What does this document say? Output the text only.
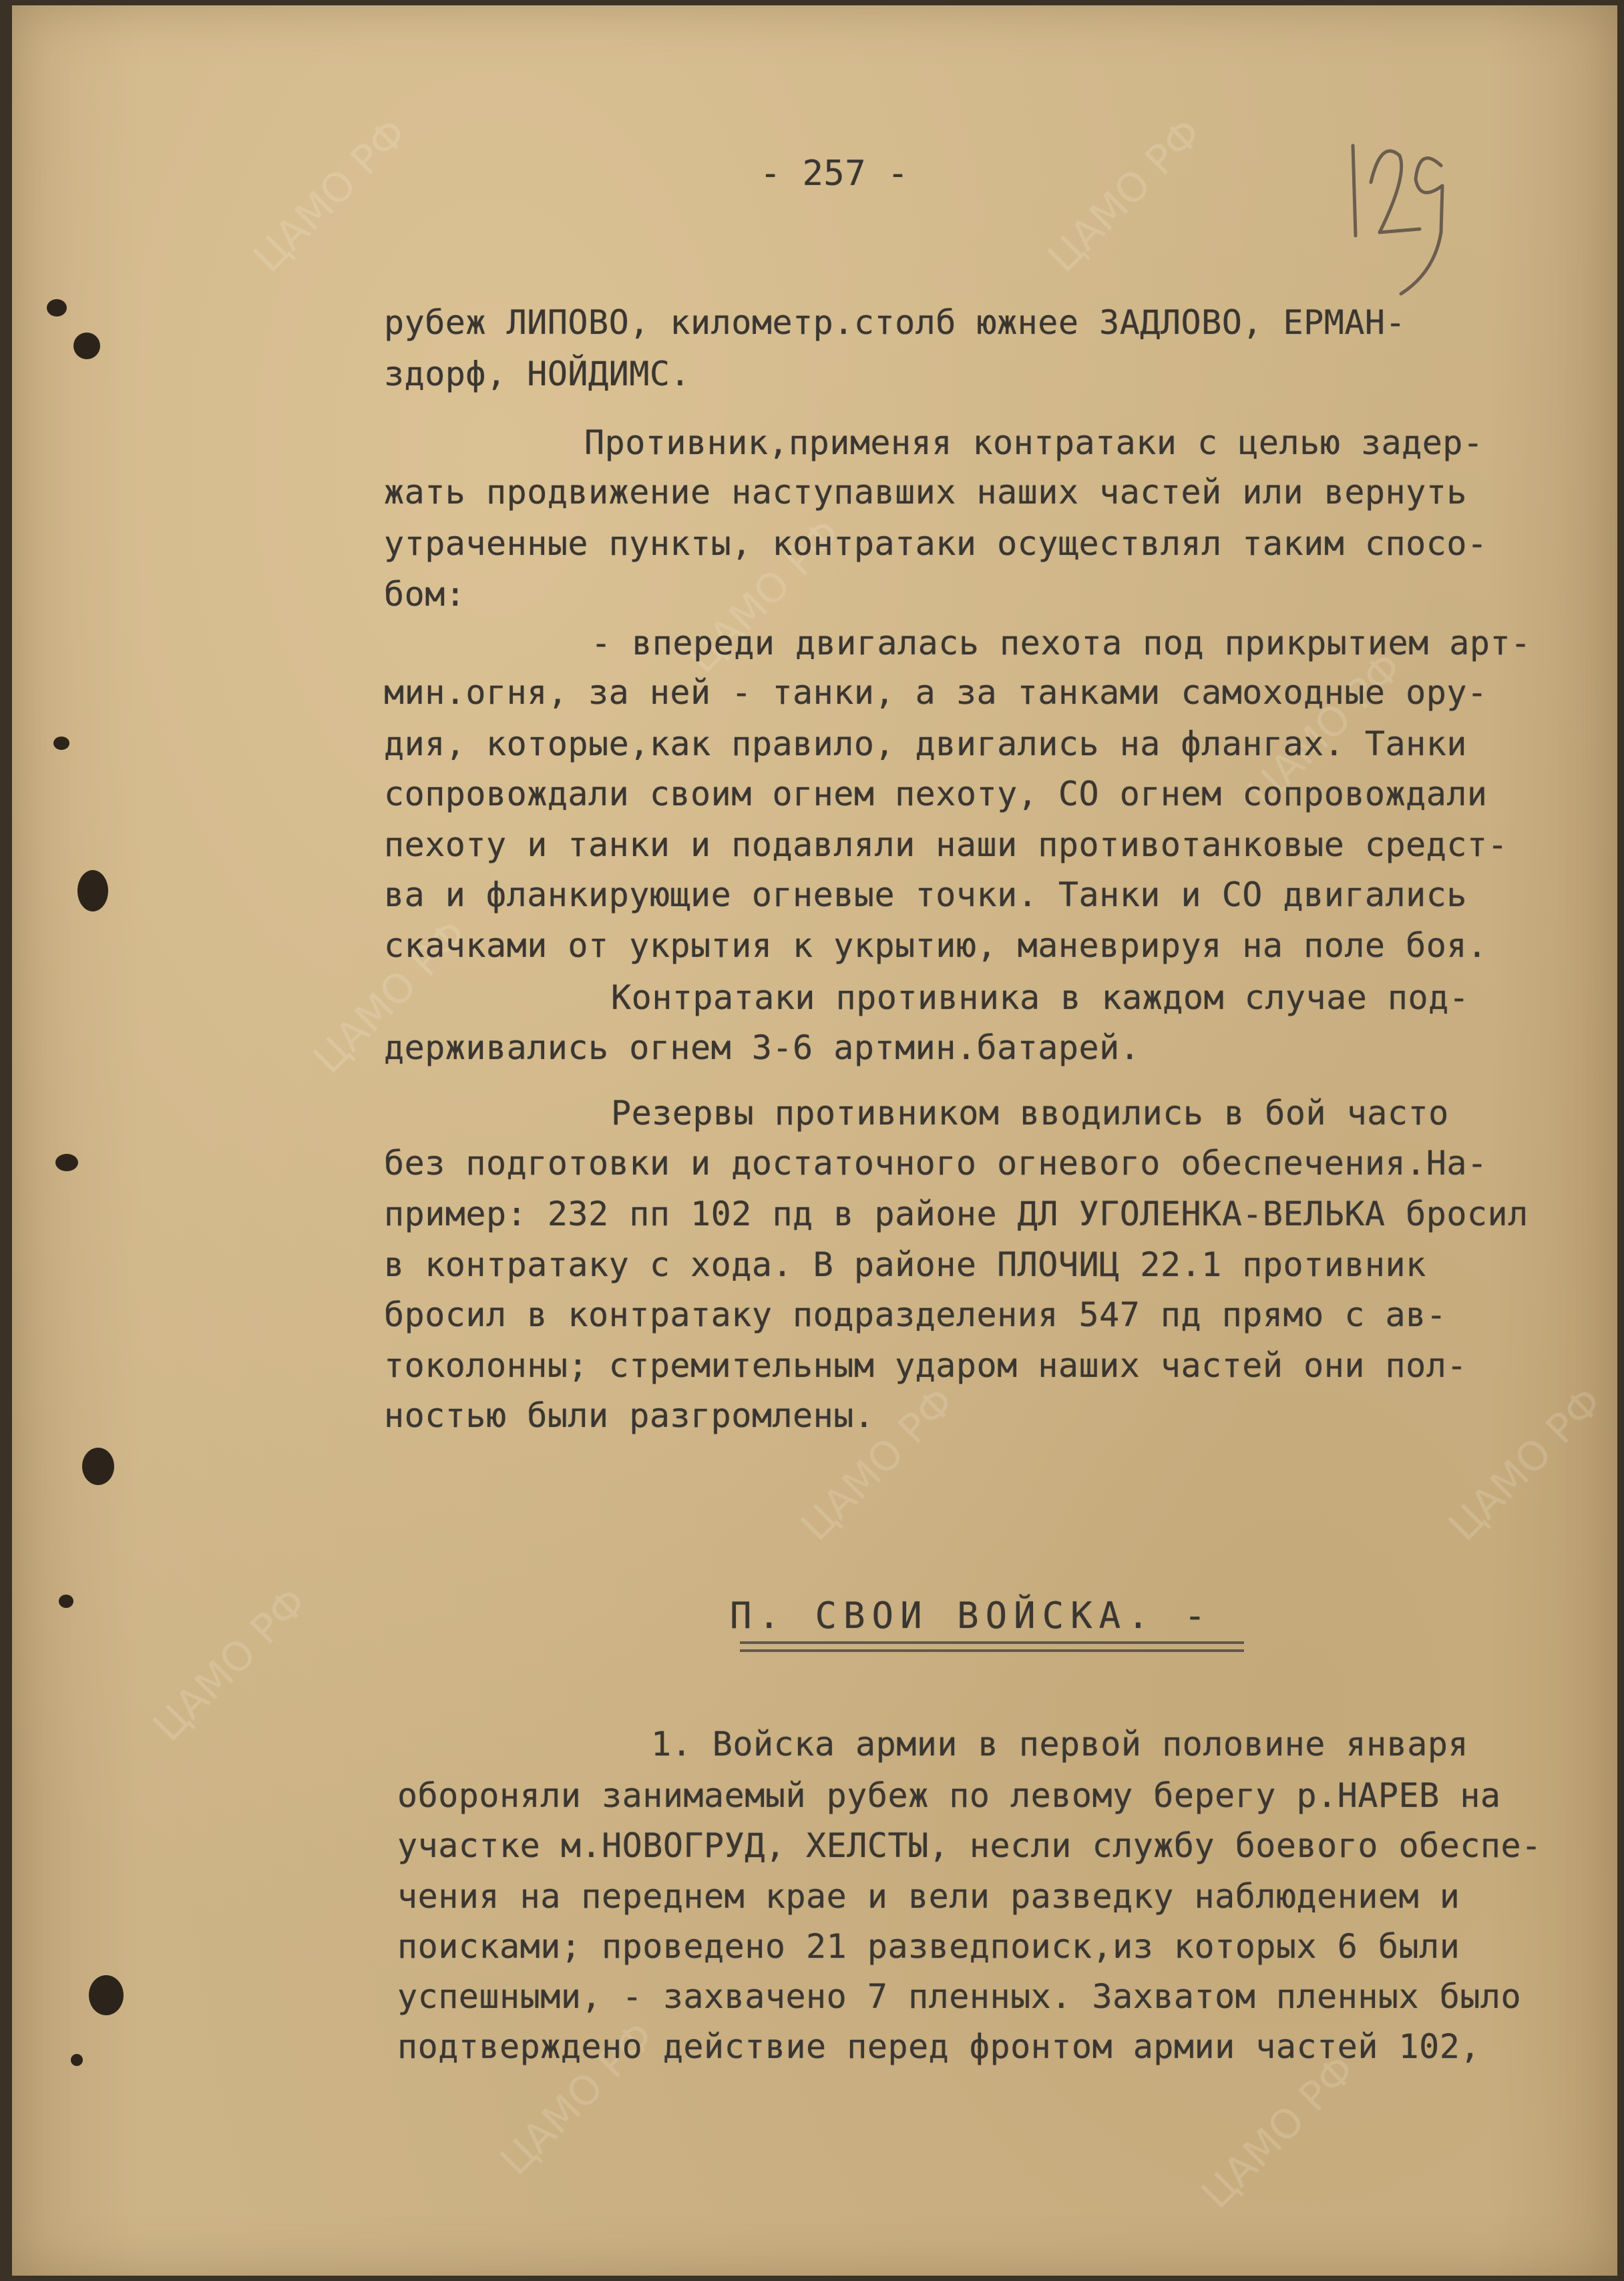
ЦАМО РФ	ЦАМО РФ
ЦАМО РФ
ЦАМО РФ
ЦАМО РФ
ЦАМО РФ	ЦАМО РФ
ЦАМО РФ
ЦАМО РФ	ЦАМО РФ
- 257 -
рубеж ЛИПОВО, километр.столб южнее ЗАДЛОВО, ЕРМАН-
здорф, НОЙДИМС.
Противник,применяя контратаки с целью задер-
жать продвижение наступавших наших частей или вернуть
утраченные пункты, контратаки осуществлял таким спосо-
бом:
- впереди двигалась пехота под прикрытием арт-
мин.огня, за ней - танки, а за танками самоходные ору-
дия, которые,как правило, двигались на флангах. Танки
сопровождали своим огнем пехоту, СО огнем сопровождали
пехоту и танки и подавляли наши противотанковые средст-
ва и фланкирующие огневые точки. Танки и СО двигались
скачками от укрытия к укрытию, маневрируя на поле боя.
Контратаки противника в каждом случае под-
держивались огнем 3-6 артмин.батарей.
Резервы противником вводились в бой часто
без подготовки и достаточного огневого обеспечения.На-
пример: 232 пп 102 пд в районе ДЛ УГОЛЕНКА-ВЕЛЬКА бросил
в контратаку с хода. В районе ПЛОЧИЦ 22.1 противник
бросил в контратаку подразделения 547 пд прямо с ав-
токолонны; стремительным ударом наших частей они пол-
ностью были разгромлены.
П. СВОИ ВОЙСКА. -
1. Войска армии в первой половине января
обороняли занимаемый рубеж по левому берегу р.НАРЕВ на
участке м.НОВОГРУД, ХЕЛСТЫ, несли службу боевого обеспе-
чения на переднем крае и вели разведку наблюдением и
поисками; проведено 21 разведпоиск,из которых 6 были
успешными, - захвачено 7 пленных. Захватом пленных было
подтверждено действие перед фронтом армии частей 102,
